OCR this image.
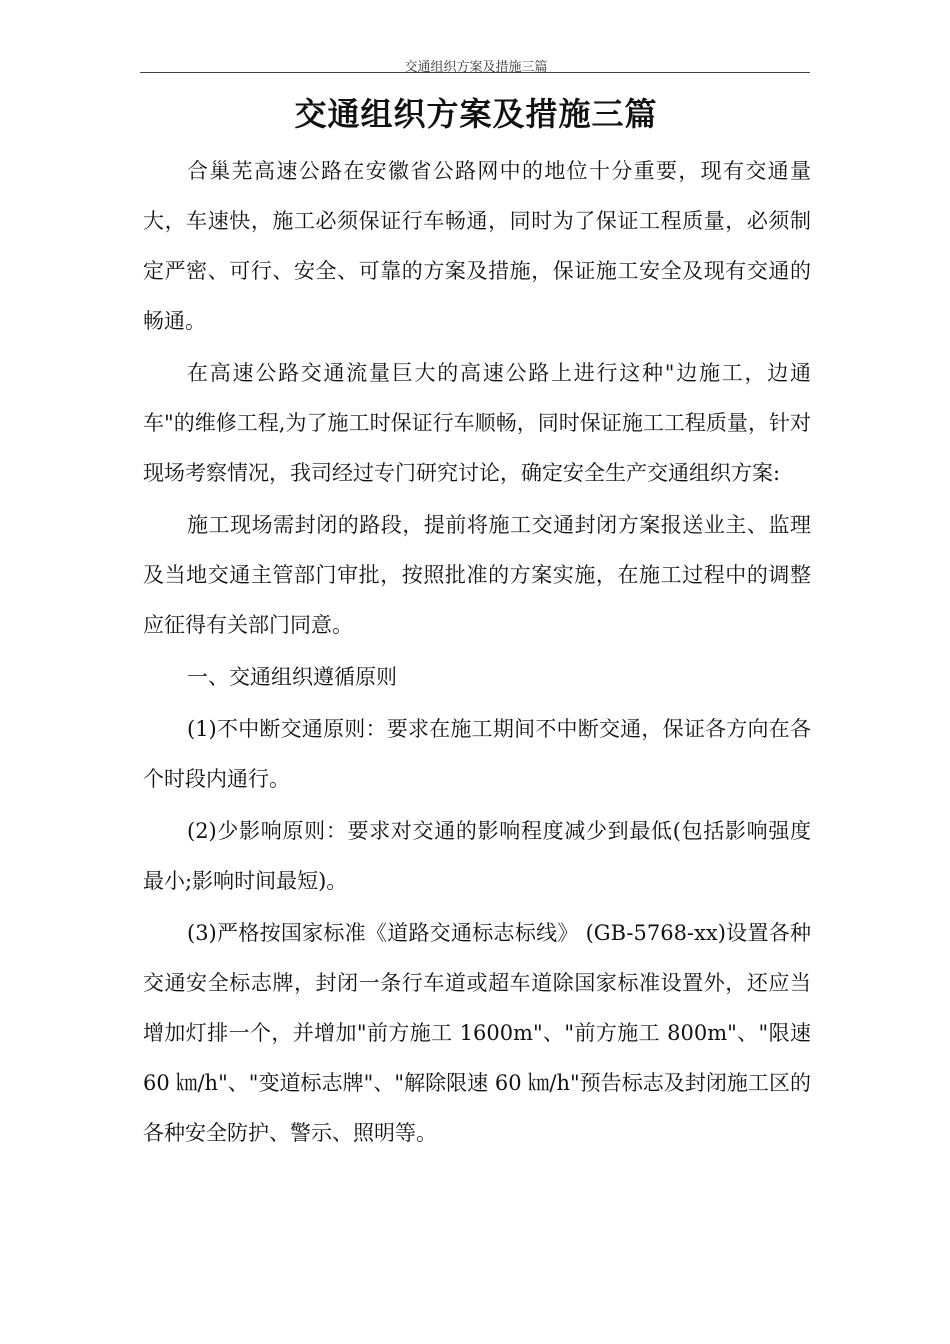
交通组织方案及措施三篇
交通组织方案及措施三篇

合巢芜高速公路在安徽省公路网中的地位十分重要，现有交通量大，车速快，施工必须保证行车畅通，同时为了保证工程质量，必须制定严密、可行、安全、可靠的方案及措施，保证施工安全及现有交通的畅通。

在高速公路交通流量巨大的高速公路上进行这种"边施工，边通车"的维修工程,为了施工时保证行车顺畅，同时保证施工工程质量，针对现场考察情况，我司经过专门研究讨论，确定安全生产交通组织方案:

施工现场需封闭的路段，提前将施工交通封闭方案报送业主、监理及当地交通主管部门审批，按照批准的方案实施，在施工过程中的调整应征得有关部门同意。

一、交通组织遵循原则

(1)不中断交通原则：要求在施工期间不中断交通，保证各方向在各个时段内通行。

(2)少影响原则：要求对交通的影响程度减少到最低(包括影响强度最小;影响时间最短)。

(3)严格按国家标准《道路交通标志标线》 (GB-5768-xx)设置各种交通安全标志牌，封闭一条行车道或超车道除国家标准设置外，还应当增加灯排一个，并增加"前方施工 1600m"、"前方施工 800m"、"限速 60 ㎞/h"、"变道标志牌"、"解除限速 60 ㎞/h"预告标志及封闭施工区的各种安全防护、警示、照明等。
